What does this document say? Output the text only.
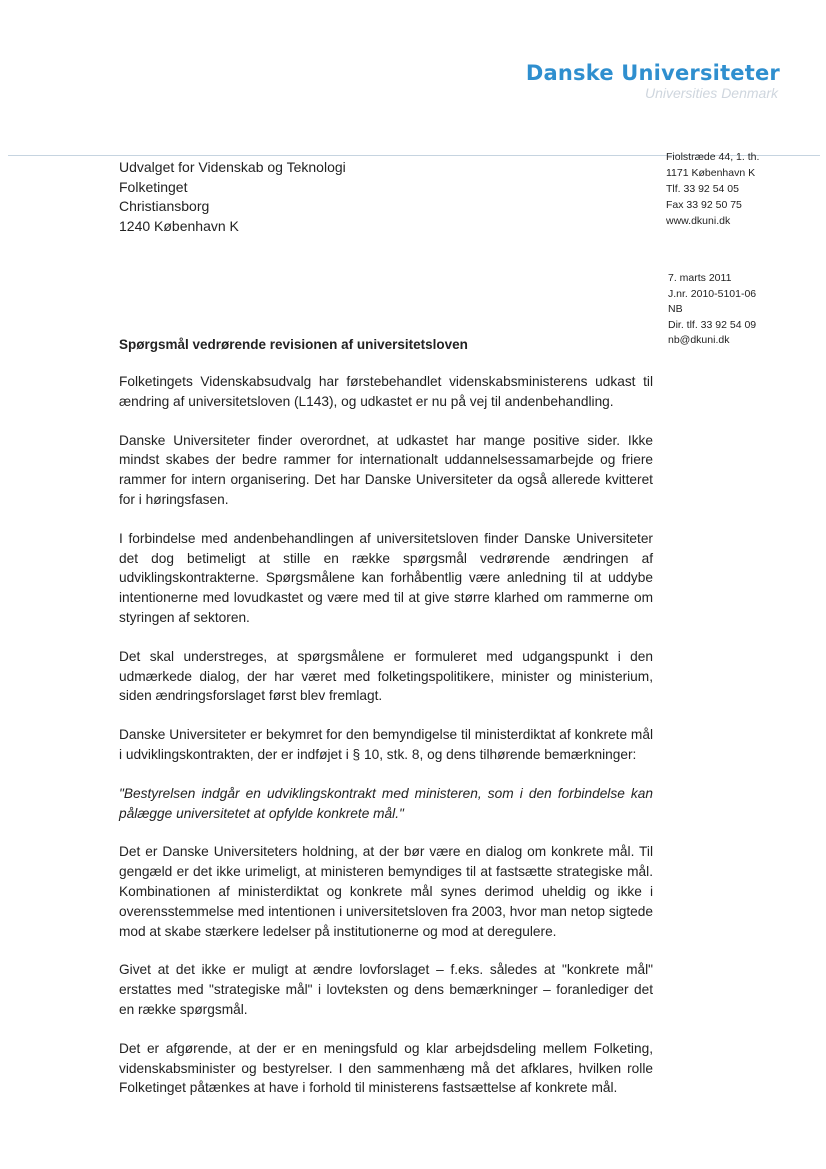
Danske Universiteter
Universities Denmark
Udvalget for Videnskab og Teknologi
Folketinget
Christiansborg
1240 København K
Fiolstræde 44, 1. th.
1171 København K
Tlf. 33 92 54 05
Fax 33 92 50 75
www.dkuni.dk
7. marts 2011
J.nr. 2010-5101-06
NB
Dir. tlf. 33 92 54 09
nb@dkuni.dk
Spørgsmål vedrørende revisionen af universitetsloven

Folketingets Videnskabsudvalg har førstebehandlet videnskabsministerens udkast til ændring af universitetsloven (L143), og udkastet er nu på vej til andenbehandling.

Danske Universiteter finder overordnet, at udkastet har mange positive sider. Ikke mindst skabes der bedre rammer for internationalt uddannelsessamarbejde og friere rammer for intern organisering. Det har Danske Universiteter da også allerede kvitteret for i høringsfasen.

I forbindelse med andenbehandlingen af universitetsloven finder Danske Universiteter det dog betimeligt at stille en række spørgsmål vedrørende ændringen af udviklingskontrakterne. Spørgsmålene kan forhåbentlig være anledning til at uddybe intentionerne med lovudkastet og være med til at give større klarhed om rammerne om styringen af sektoren.

Det skal understreges, at spørgsmålene er formuleret med udgangspunkt i den udmærkede dialog, der har været med folketingspolitikere, minister og ministerium, siden ændringsforslaget først blev fremlagt.

Danske Universiteter er bekymret for den bemyndigelse til ministerdiktat af konkrete mål i udviklingskontrakten, der er indføjet i § 10, stk. 8, og dens tilhørende bemærkninger:

"Bestyrelsen indgår en udviklingskontrakt med ministeren, som i den forbindelse kan pålægge universitetet at opfylde konkrete mål."

Det er Danske Universiteters holdning, at der bør være en dialog om konkrete mål. Til gengæld er det ikke urimeligt, at ministeren bemyndiges til at fastsætte strategiske mål. Kombinationen af ministerdiktat og konkrete mål synes derimod uheldig og ikke i overensstemmelse med intentionen i universitetsloven fra 2003, hvor man netop sigtede mod at skabe stærkere ledelser på institutionerne og mod at deregulere.

Givet at det ikke er muligt at ændre lovforslaget – f.eks. således at "konkrete mål" erstattes med "strategiske mål" i lovteksten og dens bemærkninger – foranlediger det en række spørgsmål.

Det er afgørende, at der er en meningsfuld og klar arbejdsdeling mellem Folketing, videnskabsminister og bestyrelser. I den sammenhæng må det afklares, hvilken rolle Folketinget påtænkes at have i forhold til ministerens fastsættelse af konkrete mål.
